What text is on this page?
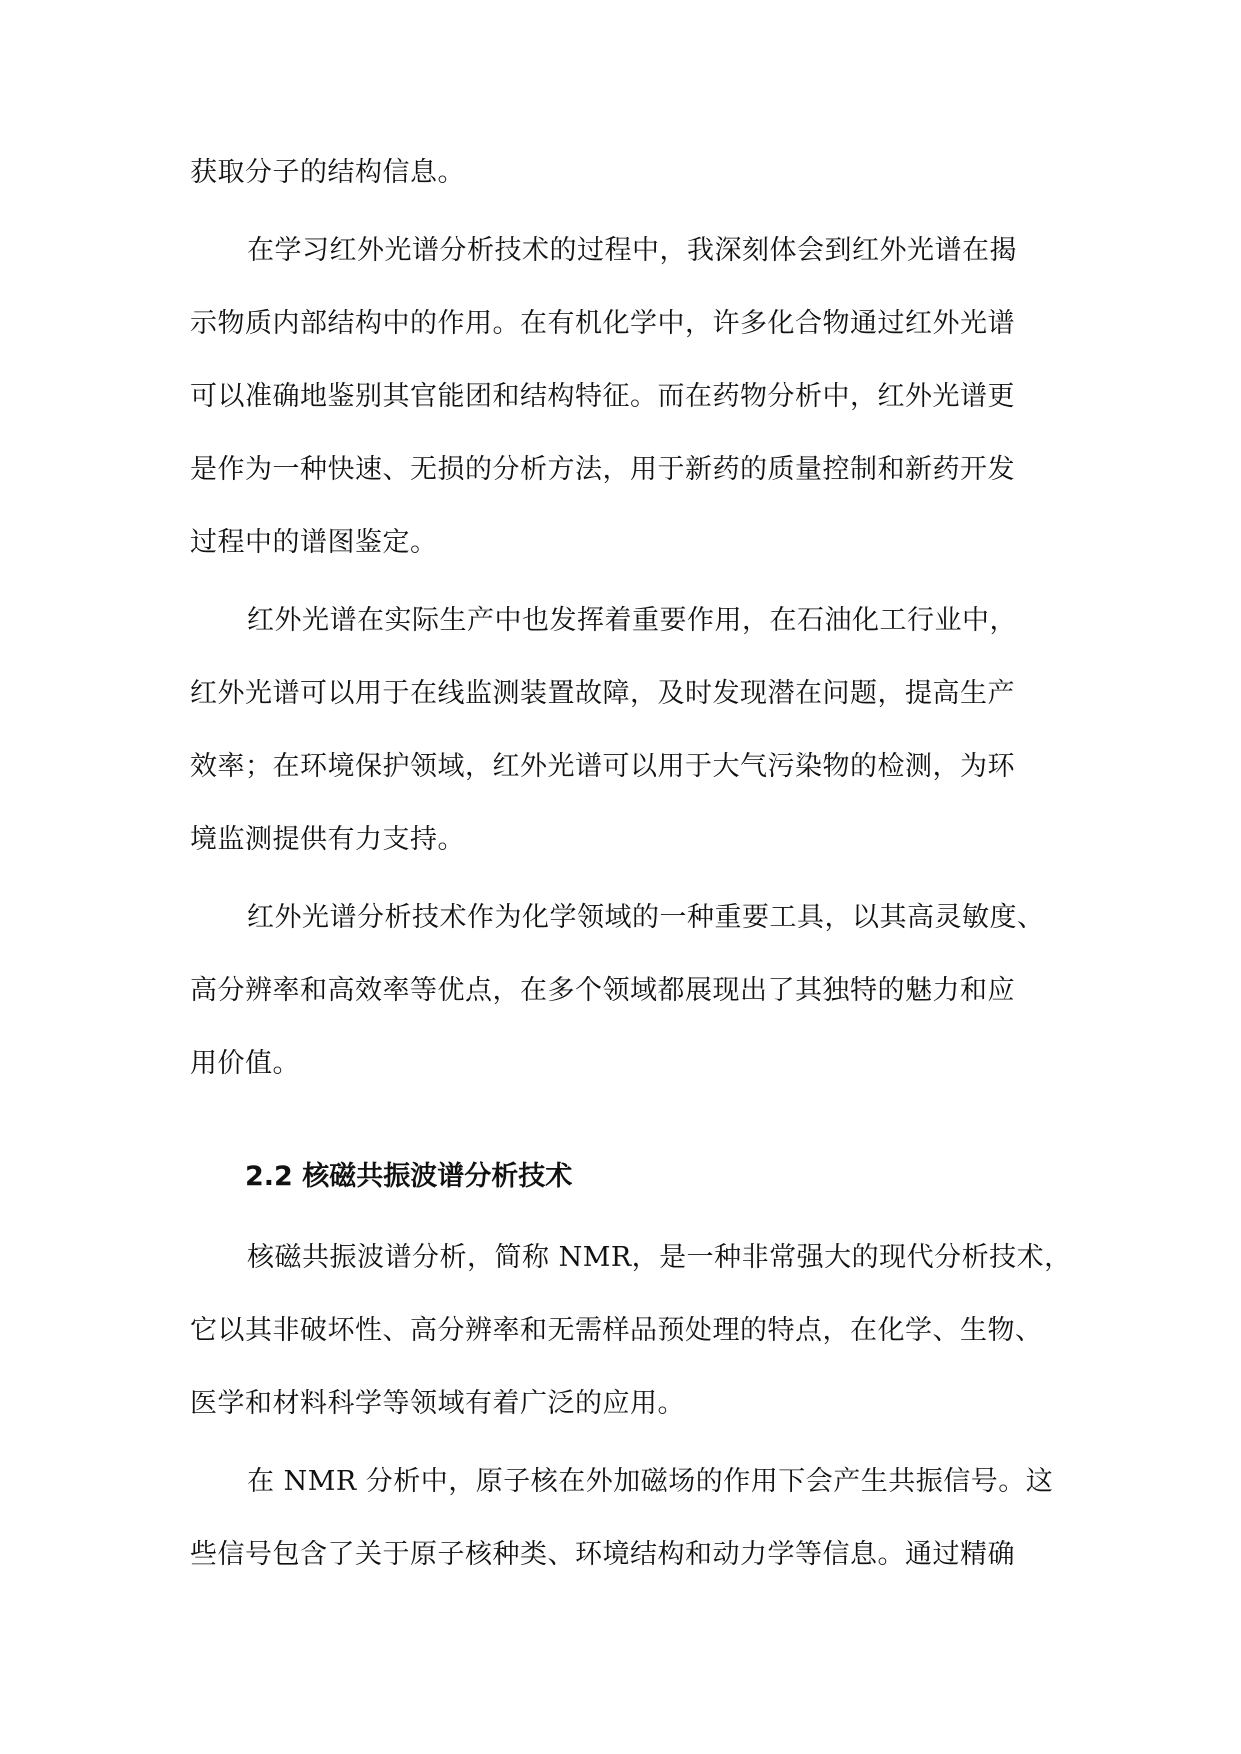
获取分子的结构信息。
在学习红外光谱分析技术的过程中，我深刻体会到红外光谱在揭
示物质内部结构中的作用。在有机化学中，许多化合物通过红外光谱
可以准确地鉴别其官能团和结构特征。而在药物分析中，红外光谱更
是作为一种快速、无损的分析方法，用于新药的质量控制和新药开发
过程中的谱图鉴定。
红外光谱在实际生产中也发挥着重要作用，在石油化工行业中，
红外光谱可以用于在线监测装置故障，及时发现潜在问题，提高生产
效率；在环境保护领域，红外光谱可以用于大气污染物的检测，为环
境监测提供有力支持。
红外光谱分析技术作为化学领域的一种重要工具，以其高灵敏度、
高分辨率和高效率等优点，在多个领域都展现出了其独特的魅力和应
用价值。
2.2 核磁共振波谱分析技术
核磁共振波谱分析，简称 NMR，是一种非常强大的现代分析技术，
它以其非破坏性、高分辨率和无需样品预处理的特点，在化学、生物、
医学和材料科学等领域有着广泛的应用。
在 NMR 分析中，原子核在外加磁场的作用下会产生共振信号。这
些信号包含了关于原子核种类、环境结构和动力学等信息。通过精确
